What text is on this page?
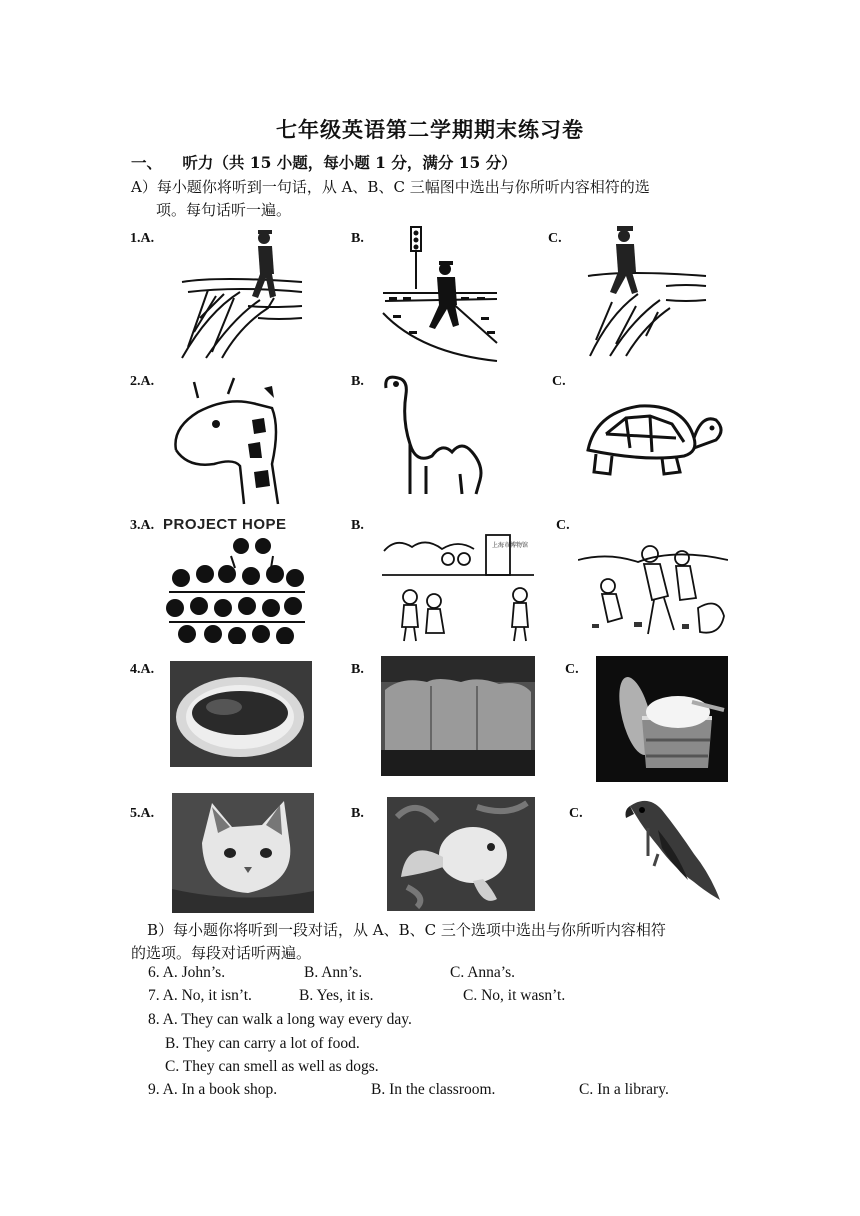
七年级英语第二学期期末练习卷
一、 听力（共 15 小题，每小题 1 分，满分 15 分）
A）每小题你将听到一句话，从 A、B、C 三幅图中选出与你所听内容相符的选
项。每句话听一遍。
1.A.	B.	C.
2.A.	B.	C.
3.A.	B.	C.
PROJECT HOPE
上海市博物馆
4.A.	B.	C.
5.A.	B.	C.
B）每小题你将听到一段对话，从 A、B、C 三个选项中选出与你所听内容相符
的选项。每段对话听两遍。
6. A. John’s.	B. Ann’s.	C. Anna’s.
7. A. No, it isn’t.	B. Yes, it is.	C. No, it wasn’t.
8. A. They can walk a long way every day.
B. They can carry a lot of food.
C. They can smell as well as dogs.
9. A. In a book shop.	B. In the classroom.	C. In a library.
